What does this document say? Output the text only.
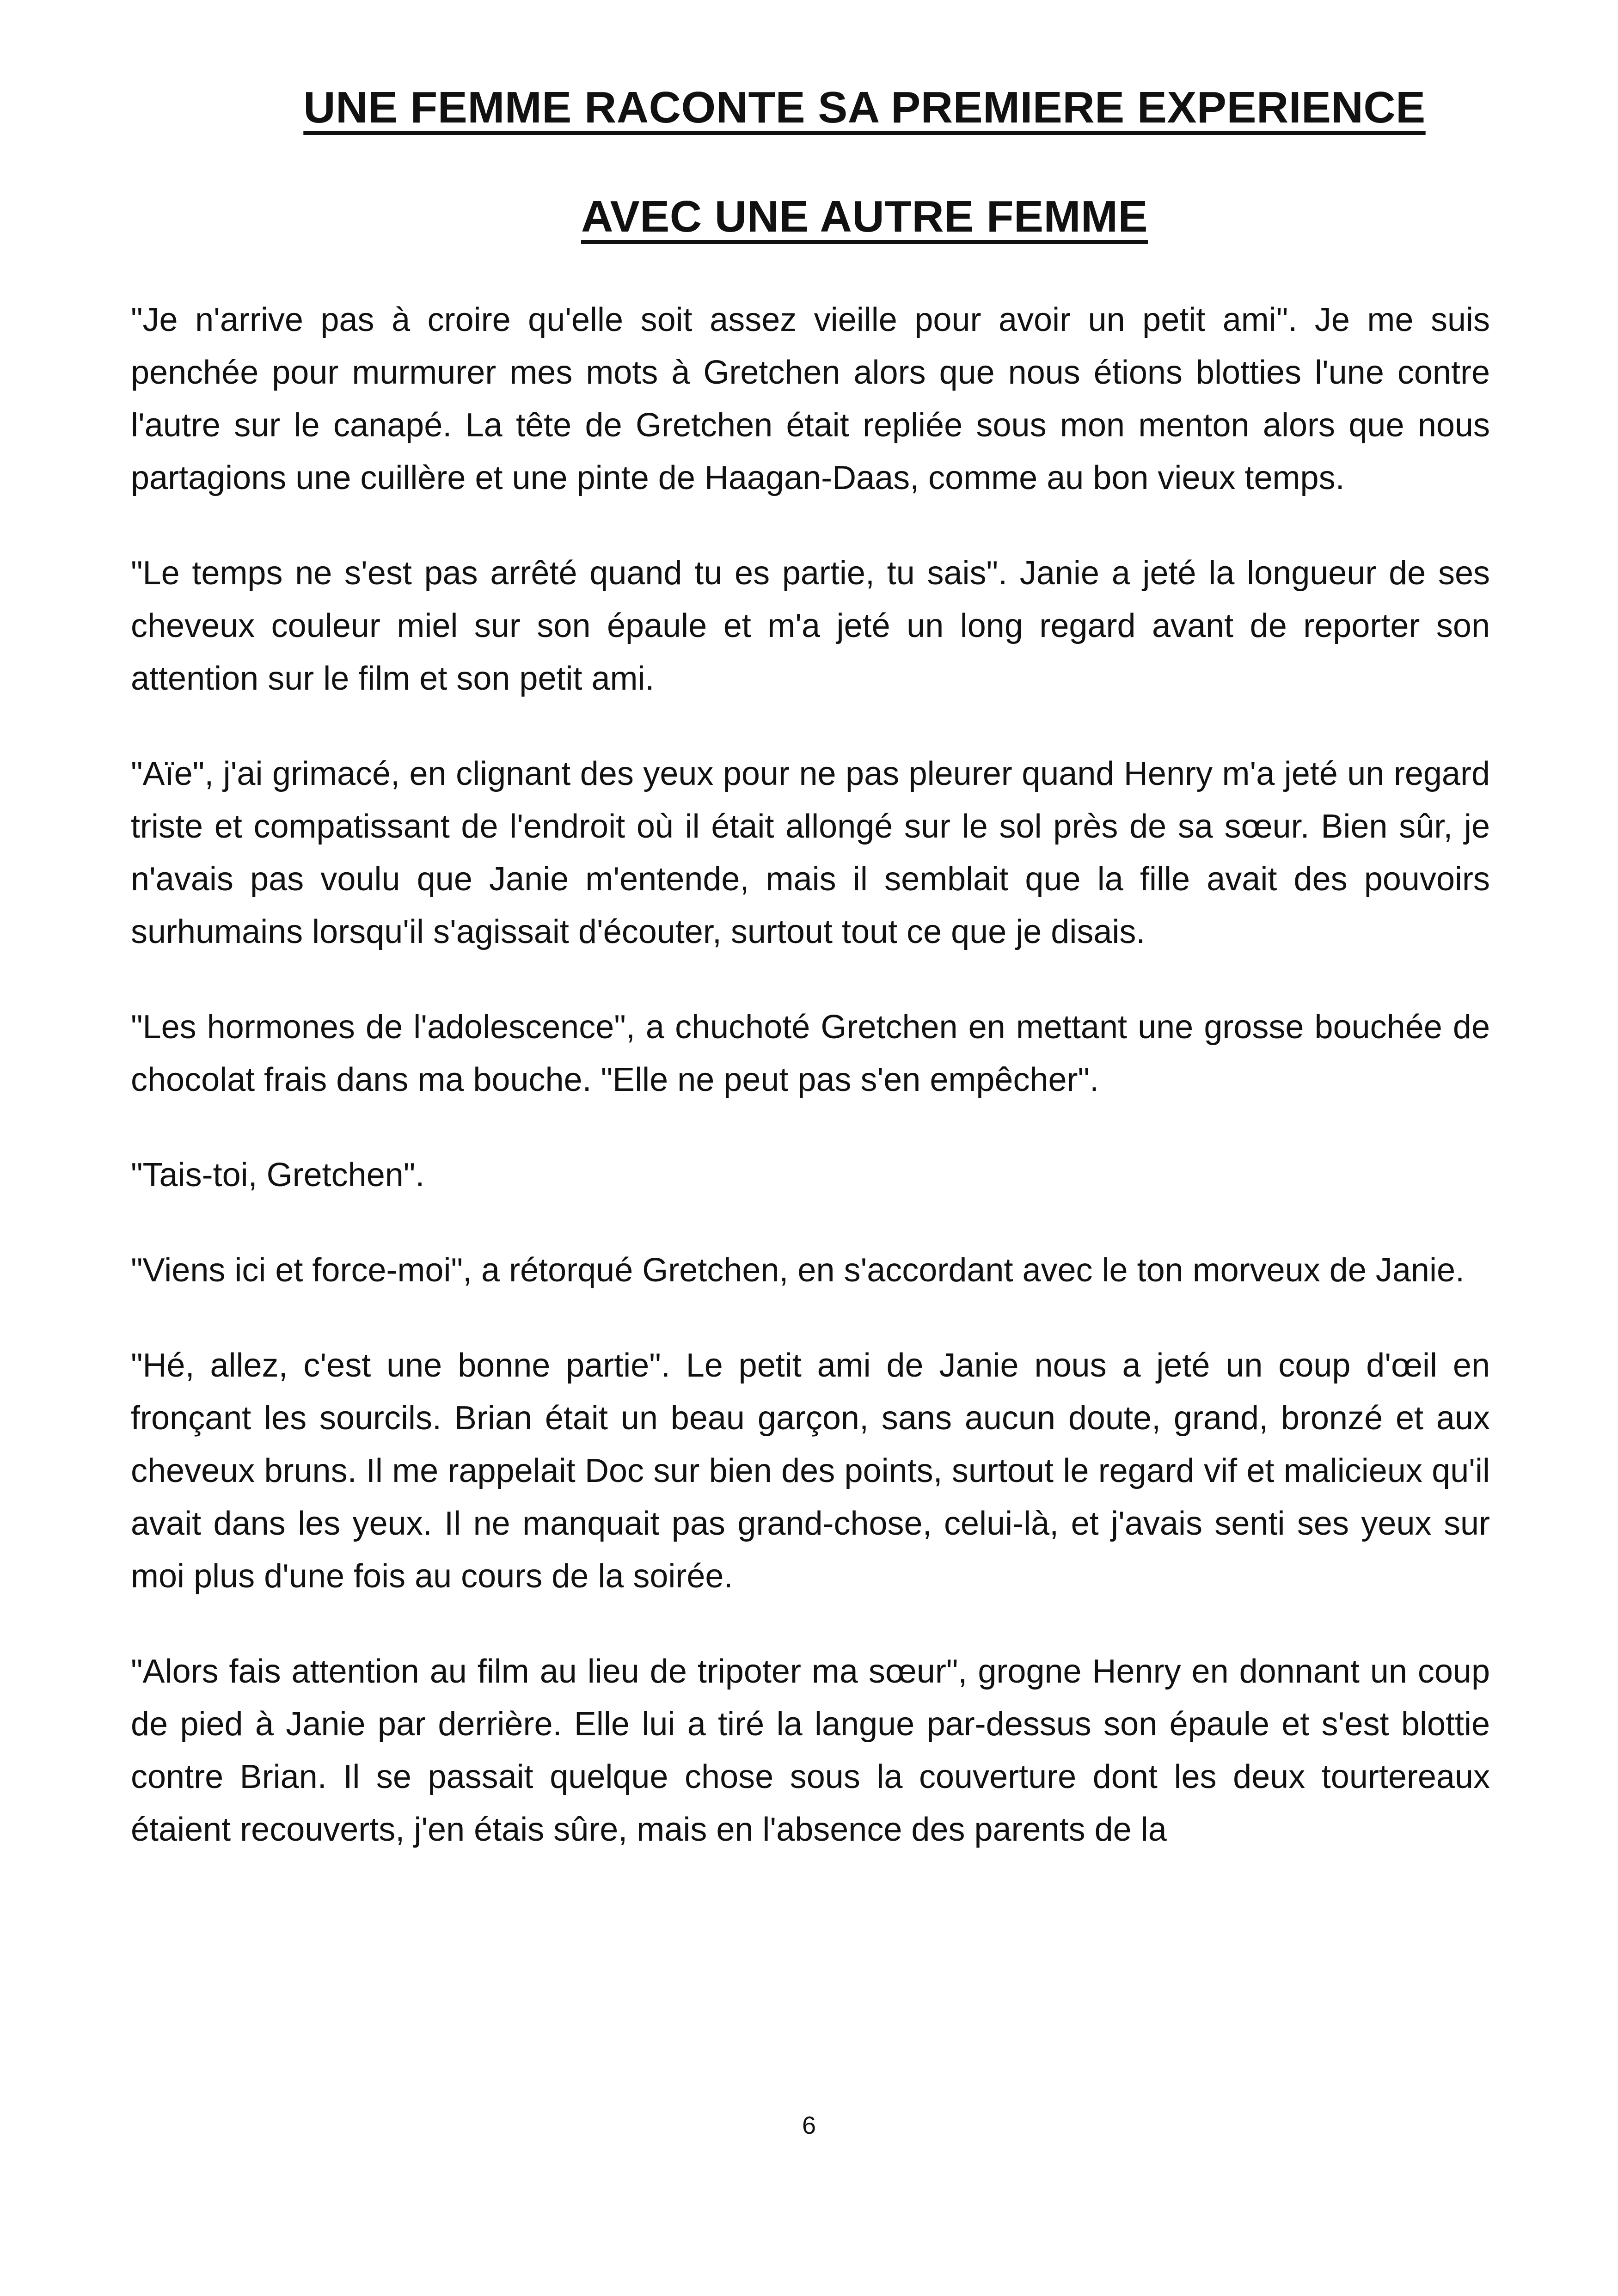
UNE FEMME RACONTE SA PREMIERE EXPERIENCE
AVEC UNE AUTRE FEMME

"Je n'arrive pas à croire qu'elle soit assez vieille pour avoir un petit ami". Je me suis penchée pour murmurer mes mots à Gretchen alors que nous étions blotties l'une contre l'autre sur le canapé. La tête de Gretchen était repliée sous mon menton alors que nous partagions une cuillère et une pinte de Haagan-Daas, comme au bon vieux temps.

"Le temps ne s'est pas arrêté quand tu es partie, tu sais". Janie a jeté la longueur de ses cheveux couleur miel sur son épaule et m'a jeté un long regard avant de reporter son attention sur le film et son petit ami.

"Aïe", j'ai grimacé, en clignant des yeux pour ne pas pleurer quand Henry m'a jeté un regard triste et compatissant de l'endroit où il était allongé sur le sol près de sa sœur. Bien sûr, je n'avais pas voulu que Janie m'entende, mais il semblait que la fille avait des pouvoirs surhumains lorsqu'il s'agissait d'écouter, surtout tout ce que je disais.

"Les hormones de l'adolescence", a chuchoté Gretchen en mettant une grosse bouchée de chocolat frais dans ma bouche. "Elle ne peut pas s'en empêcher".

"Tais-toi, Gretchen".

"Viens ici et force-moi", a rétorqué Gretchen, en s'accordant avec le ton morveux de Janie.

"Hé, allez, c'est une bonne partie". Le petit ami de Janie nous a jeté un coup d'œil en fronçant les sourcils. Brian était un beau garçon, sans aucun doute, grand, bronzé et aux cheveux bruns. Il me rappelait Doc sur bien des points, surtout le regard vif et malicieux qu'il avait dans les yeux. Il ne manquait pas grand-chose, celui-là, et j'avais senti ses yeux sur moi plus d'une fois au cours de la soirée.

"Alors fais attention au film au lieu de tripoter ma sœur", grogne Henry en donnant un coup de pied à Janie par derrière. Elle lui a tiré la langue par-dessus son épaule et s'est blottie contre Brian. Il se passait quelque chose sous la couverture dont les deux tourtereaux étaient recouverts, j'en étais sûre, mais en l'absence des parents de la

6
